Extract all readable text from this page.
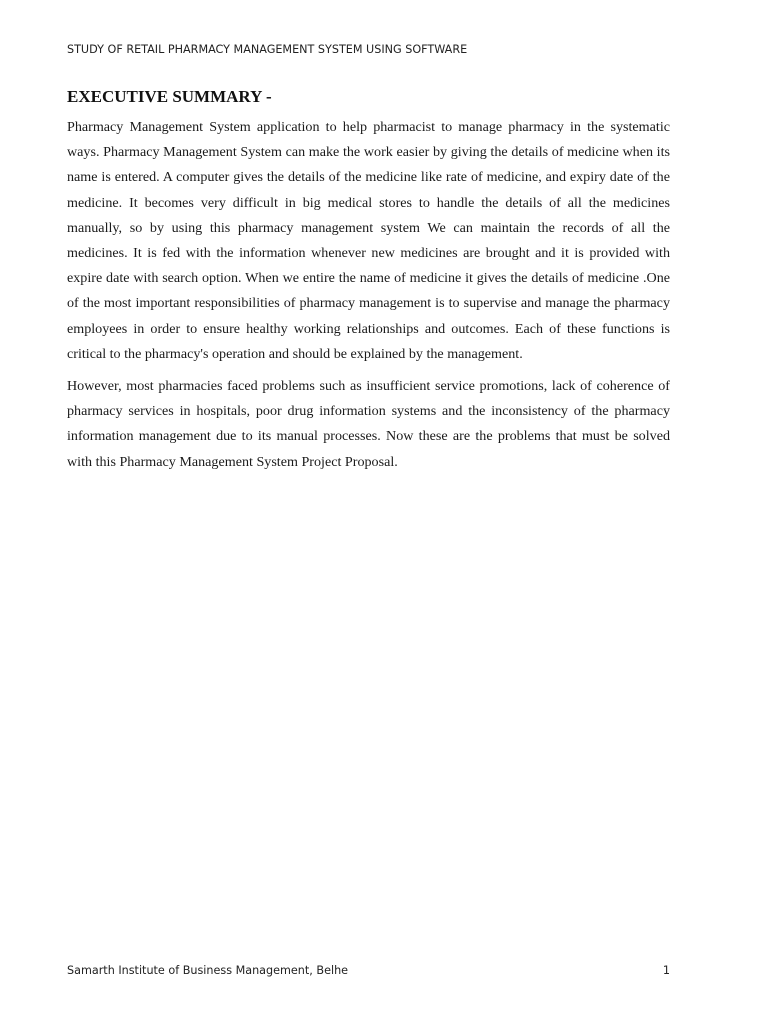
STUDY OF RETAIL PHARMACY MANAGEMENT SYSTEM USING SOFTWARE
EXECUTIVE SUMMARY -

Pharmacy Management System application to help pharmacist to manage pharmacy in the systematic ways. Pharmacy Management System can make the work easier by giving the details of medicine when its name is entered. A computer gives the details of the medicine like rate of medicine, and expiry date of the medicine. It becomes very difficult in big medical stores to handle the details of all the medicines manually, so by using this pharmacy management system We can maintain the records of all the medicines. It is fed with the information whenever new medicines are brought and it is provided with expire date with search option. When we entire the name of medicine it gives the details of medicine .One of the most important responsibilities of pharmacy management is to supervise and manage the pharmacy employees in order to ensure healthy working relationships and outcomes. Each of these functions is critical to the pharmacy's operation and should be explained by the management.

However, most pharmacies faced problems such as insufficient service promotions, lack of coherence of pharmacy services in hospitals, poor drug information systems and the inconsistency of the pharmacy information management due to its manual processes. Now these are the problems that must be solved with this Pharmacy Management System Project Proposal.

Samarth Institute of Business Management, Belhe	1
